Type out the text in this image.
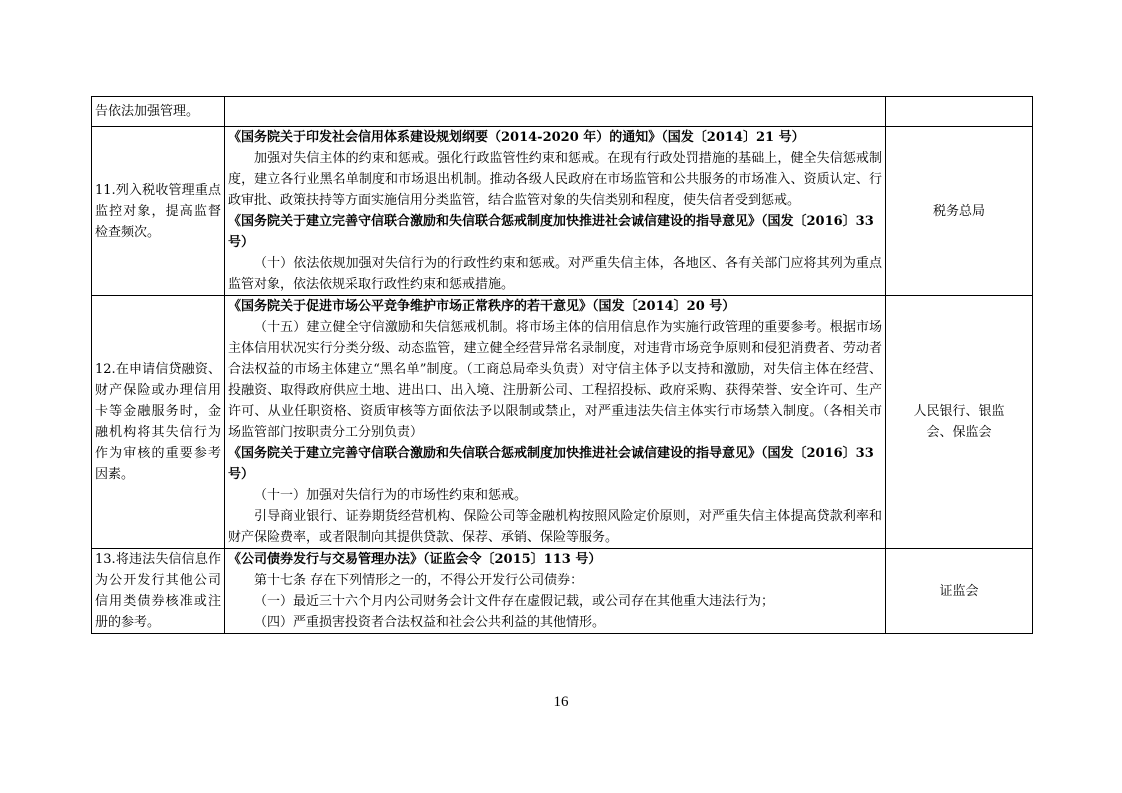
告依法加强管理。		
11.列入税收管理重点监控对象，提高监督检查频次。	《国务院关于印发社会信用体系建设规划纲要（2014-2020 年）的通知》（国发〔2014〕21 号）

加强对失信主体的约束和惩戒。强化行政监管性约束和惩戒。在现有行政处罚措施的基础上，健全失信惩戒制度，建立各行业黑名单制度和市场退出机制。推动各级人民政府在市场监管和公共服务的市场准入、资质认定、行政审批、政策扶持等方面实施信用分类监管，结合监管对象的失信类别和程度，使失信者受到惩戒。

《国务院关于建立完善守信联合激励和失信联合惩戒制度加快推进社会诚信建设的指导意见》（国发〔2016〕33 号）

（十）依法依规加强对失信行为的行政性约束和惩戒。对严重失信主体，各地区、各有关部门应将其列为重点监管对象，依法依规采取行政性约束和惩戒措施。	税务总局
12.在申请信贷融资、财产保险或办理信用卡等金融服务时，金融机构将其失信行为作为审核的重要参考因素。	《国务院关于促进市场公平竞争维护市场正常秩序的若干意见》（国发〔2014〕20 号）

（十五）建立健全守信激励和失信惩戒机制。将市场主体的信用信息作为实施行政管理的重要参考。根据市场主体信用状况实行分类分级、动态监管，建立健全经营异常名录制度，对违背市场竞争原则和侵犯消费者、劳动者合法权益的市场主体建立“黑名单”制度。（工商总局牵头负责）对守信主体予以支持和激励，对失信主体在经营、投融资、取得政府供应土地、进出口、出入境、注册新公司、工程招投标、政府采购、获得荣誉、安全许可、生产许可、从业任职资格、资质审核等方面依法予以限制或禁止，对严重违法失信主体实行市场禁入制度。（各相关市场监管部门按职责分工分别负责）

《国务院关于建立完善守信联合激励和失信联合惩戒制度加快推进社会诚信建设的指导意见》（国发〔2016〕33 号）

（十一）加强对失信行为的市场性约束和惩戒。

引导商业银行、证券期货经营机构、保险公司等金融机构按照风险定价原则，对严重失信主体提高贷款利率和财产保险费率，或者限制向其提供贷款、保荐、承销、保险等服务。	人民银行、银监会、保监会

13.将违法失信信息作为公开发行其他公司信用类债券核准或注册的参考。	《公司债券发行与交易管理办法》（证监会令〔2015〕113 号）

第十七条 存在下列情形之一的，不得公开发行公司债券：

（一）最近三十六个月内公司财务会计文件存在虚假记载，或公司存在其他重大违法行为；

（四）严重损害投资者合法权益和社会公共利益的其他情形。	证监会
16
